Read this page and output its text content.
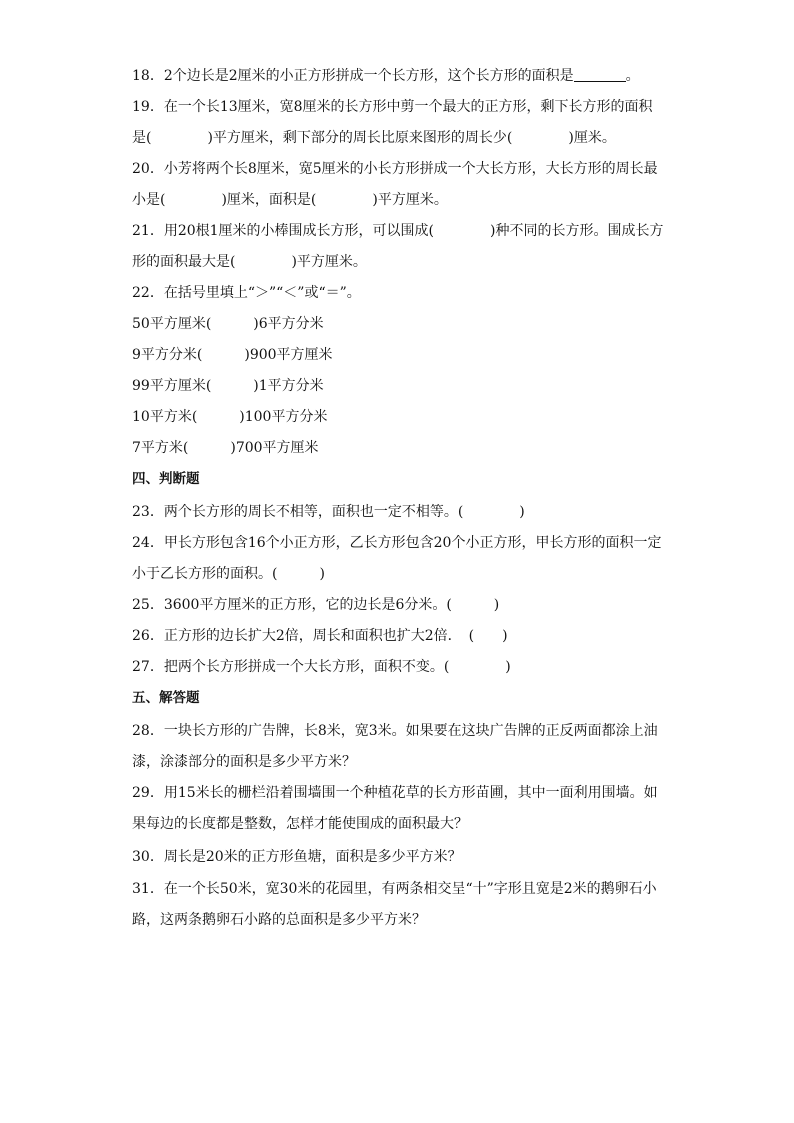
18．2个边长是2厘米的小正方形拼成一个长方形，这个长方形的面积是	。
19．在一个长13厘米，宽8厘米的长方形中剪一个最大的正方形，剩下长方形的面积
是(　　　　)平方厘米，剩下部分的周长比原来图形的周长少(　　　　)厘米。
20．小芳将两个长8厘米，宽5厘米的小长方形拼成一个大长方形，大长方形的周长最
小是(　　　　)厘米，面积是(　　　　)平方厘米。
21．用20根1厘米的小棒围成长方形，可以围成(　　　　)种不同的长方形。围成长方
形的面积最大是(　　　　)平方厘米。
22．在括号里填上“＞”“＜”或“＝”。
50平方厘米(　　　)6平方分米
9平方分米(　　　)900平方厘米
99平方厘米(　　　)1平方分米
10平方米(　　　)100平方分米
7平方米(　　　)700平方厘米
四、判断题
23．两个长方形的周长不相等，面积也一定不相等。(　　　　)
24．甲长方形包含16个小正方形，乙长方形包含20个小正方形，甲长方形的面积一定
小于乙长方形的面积。(　　　)
25．3600平方厘米的正方形，它的边长是6分米。(　　　)
26．正方形的边长扩大2倍，周长和面积也扩大2倍．　(　　)
27．把两个长方形拼成一个大长方形，面积不变。(　　　　)
五、解答题
28．一块长方形的广告牌，长8米，宽3米。如果要在这块广告牌的正反两面都涂上油
漆，涂漆部分的面积是多少平方米？
29．用15米长的栅栏沿着围墙围一个种植花草的长方形苗圃，其中一面利用围墙。如
果每边的长度都是整数，怎样才能使围成的面积最大？
30．周长是20米的正方形鱼塘，面积是多少平方米？
31．在一个长50米，宽30米的花园里，有两条相交呈“十”字形且宽是2米的鹅卵石小
路，这两条鹅卵石小路的总面积是多少平方米？
